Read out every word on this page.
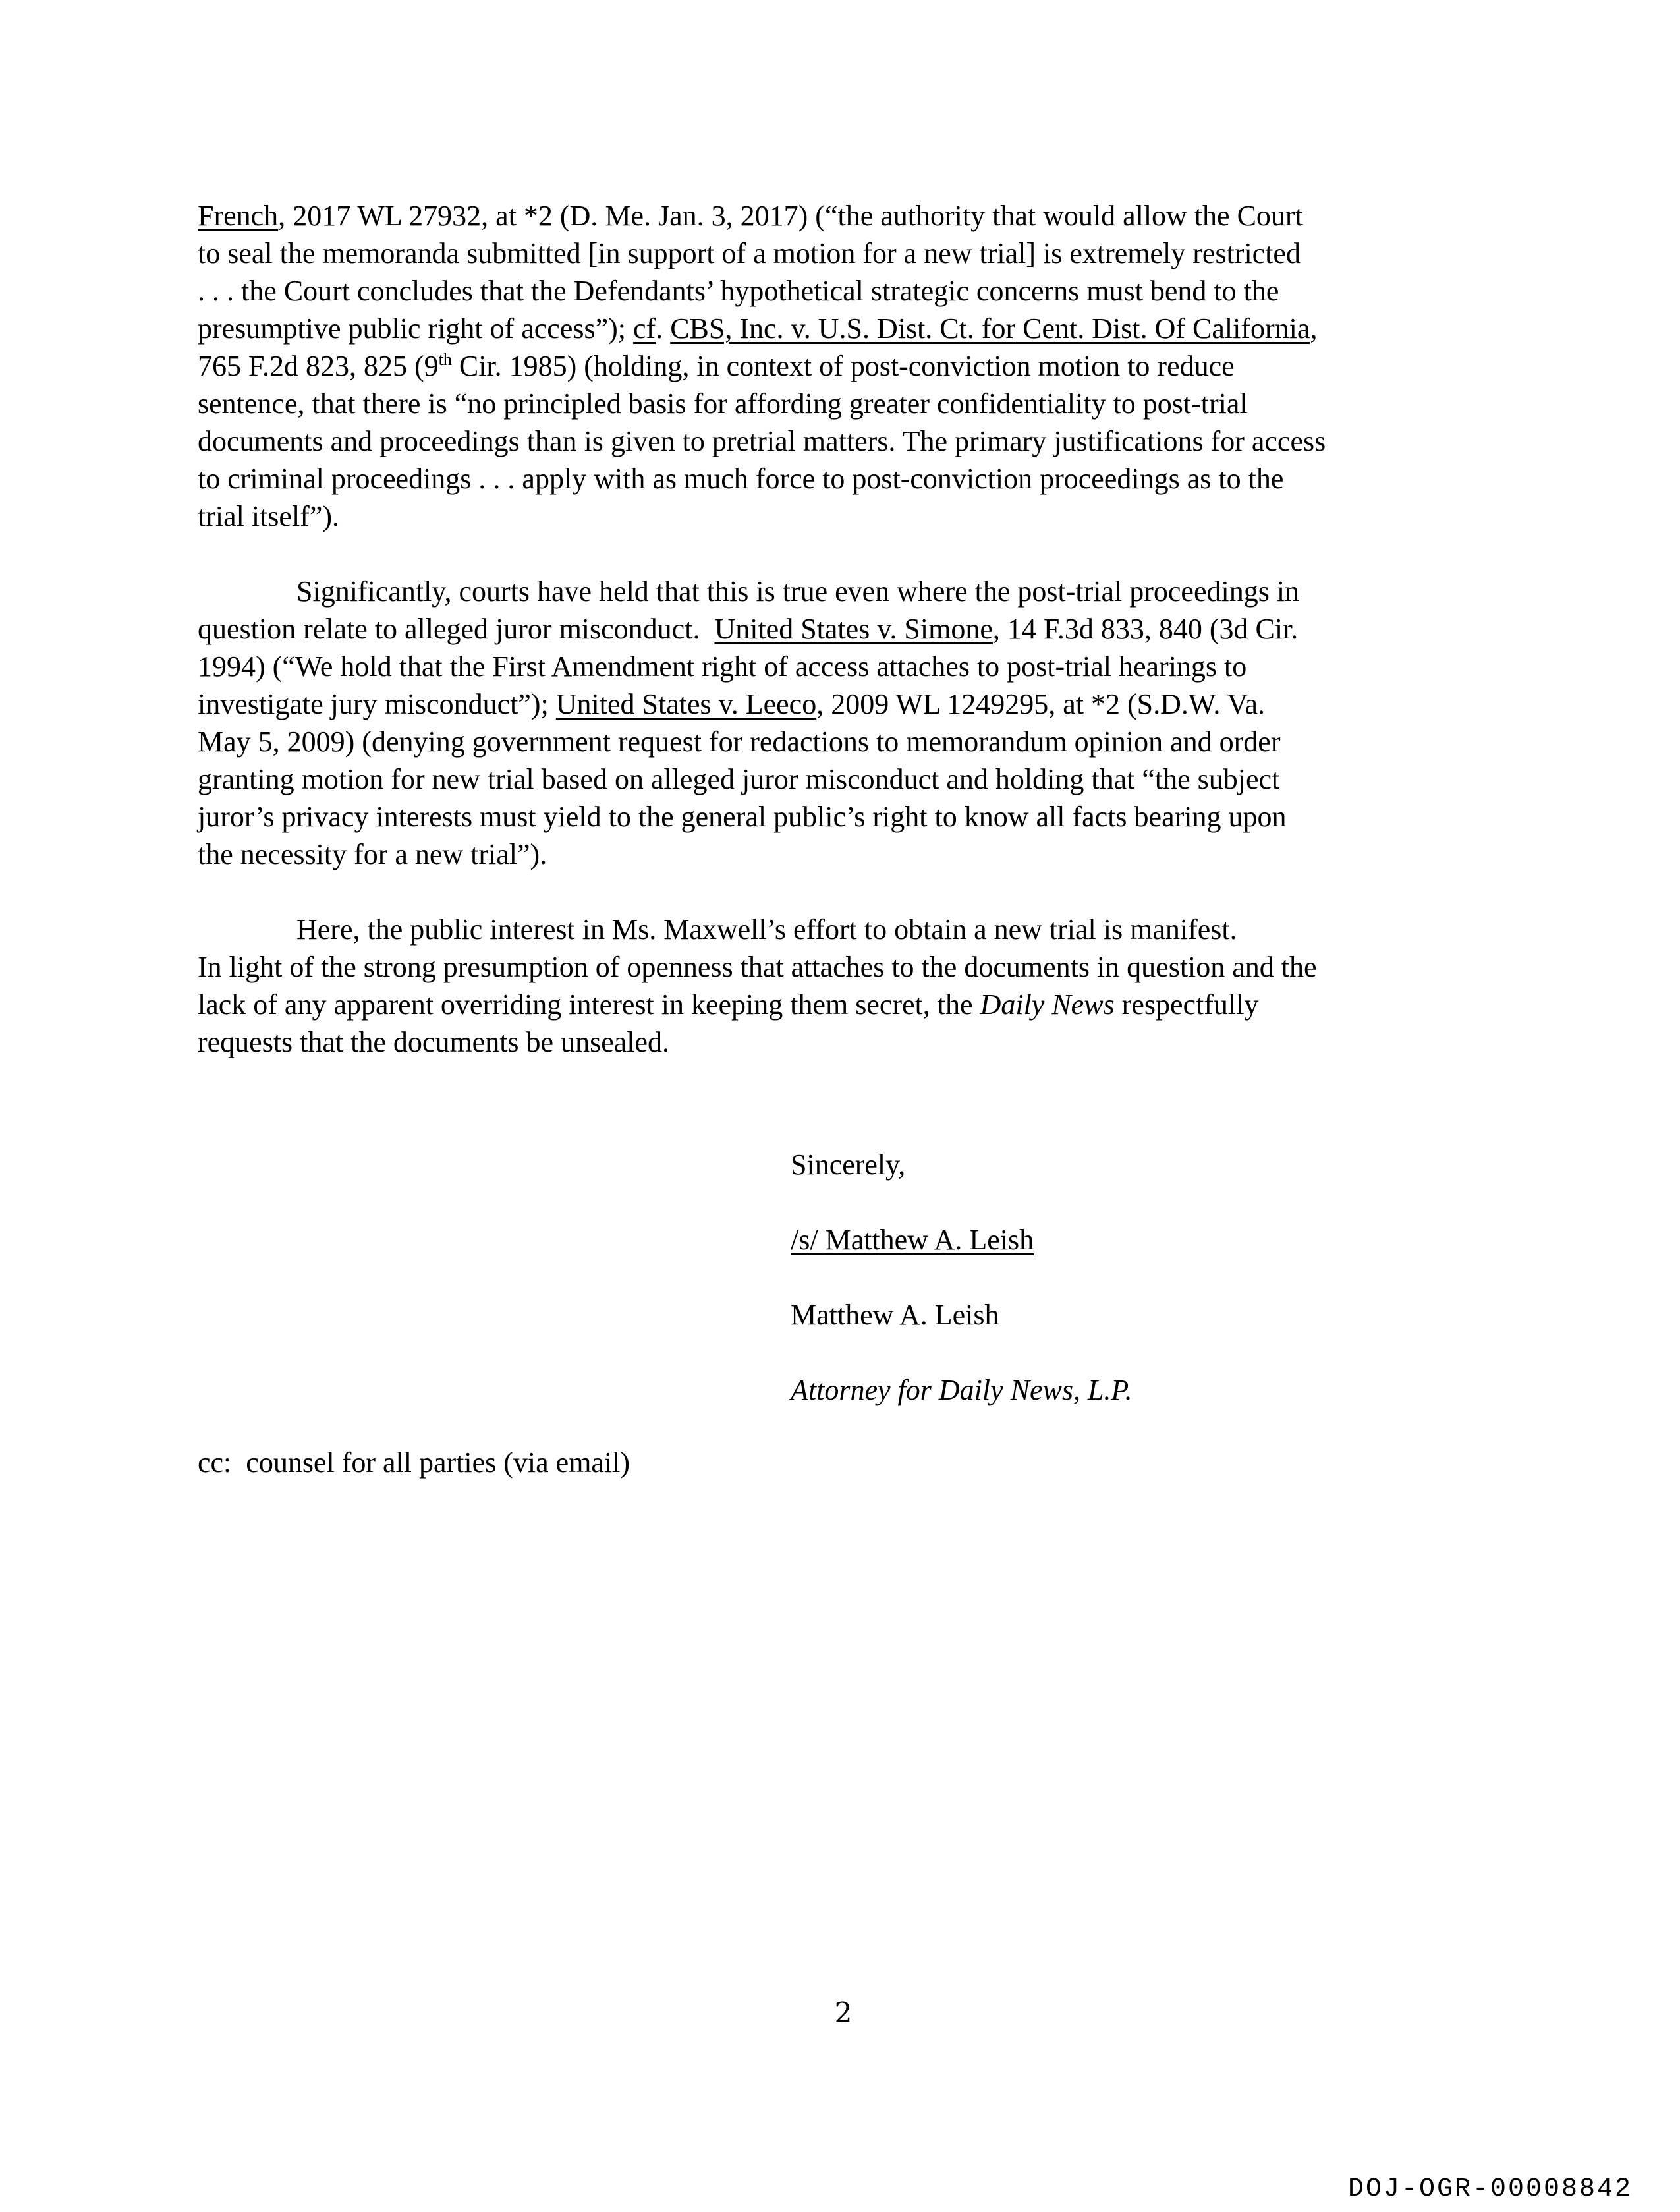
French, 2017 WL 27932, at *2 (D. Me. Jan. 3, 2017) (“the authority that would allow the Court
to seal the memoranda submitted [in support of a motion for a new trial] is extremely restricted
. . . the Court concludes that the Defendants’ hypothetical strategic concerns must bend to the
presumptive public right of access”); cf. CBS, Inc. v. U.S. Dist. Ct. for Cent. Dist. Of California,
765 F.2d 823, 825 (9th Cir. 1985) (holding, in context of post-conviction motion to reduce
sentence, that there is “no principled basis for affording greater confidentiality to post-trial
documents and proceedings than is given to pretrial matters. The primary justifications for access
to criminal proceedings . . . apply with as much force to post-conviction proceedings as to the
trial itself”).
Significantly, courts have held that this is true even where the post-trial proceedings in
question relate to alleged juror misconduct.  United States v. Simone, 14 F.3d 833, 840 (3d Cir.
1994) (“We hold that the First Amendment right of access attaches to post-trial hearings to
investigate jury misconduct”); United States v. Leeco, 2009 WL 1249295, at *2 (S.D.W. Va.
May 5, 2009) (denying government request for redactions to memorandum opinion and order
granting motion for new trial based on alleged juror misconduct and holding that “the subject
juror’s privacy interests must yield to the general public’s right to know all facts bearing upon
the necessity for a new trial”).
Here, the public interest in Ms. Maxwell’s effort to obtain a new trial is manifest.
In light of the strong presumption of openness that attaches to the documents in question and the
lack of any apparent overriding interest in keeping them secret, the Daily News respectfully
requests that the documents be unsealed.
Sincerely,
/s/ Matthew A. Leish
Matthew A. Leish
Attorney for Daily News, L.P.
cc:  counsel for all parties (via email)
2
DOJ-OGR-00008842
